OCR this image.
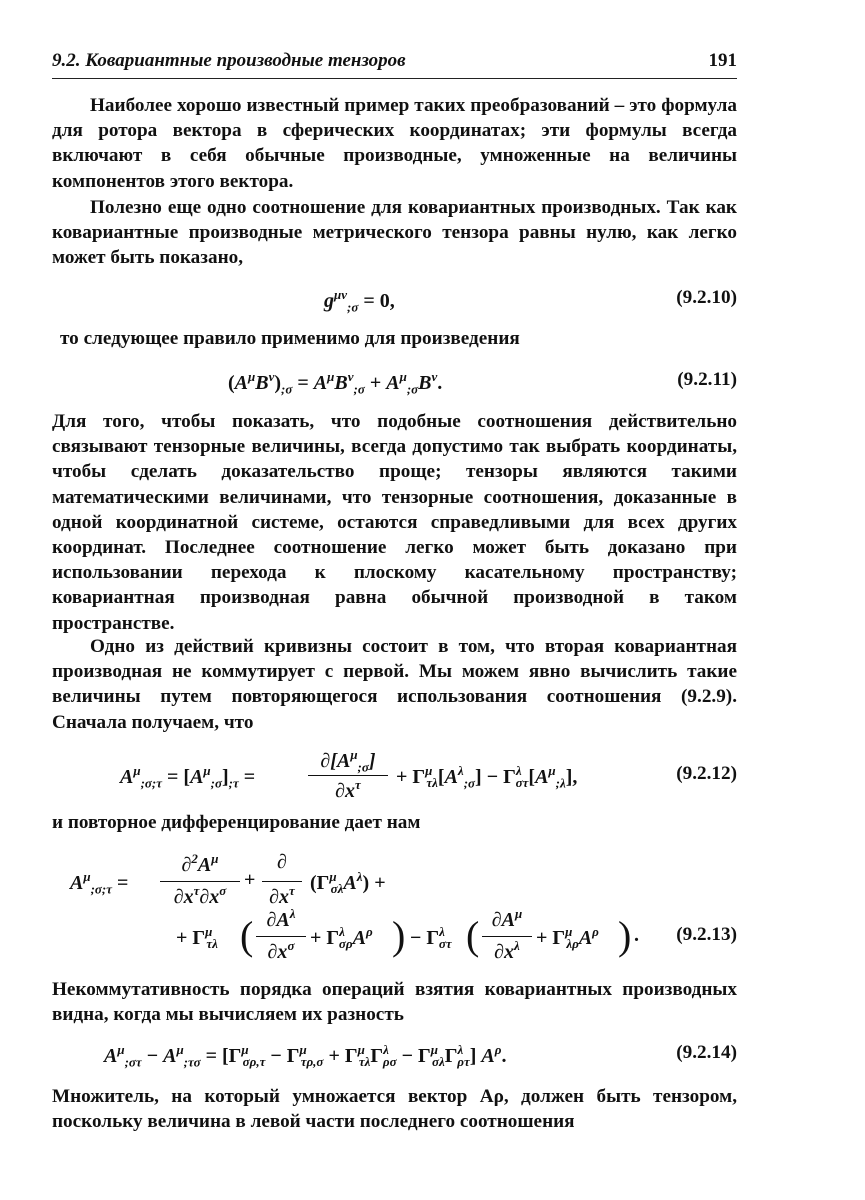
9.2. Ковариантные производные тензоров	191

Наиболее хорошо известный пример таких преобразований – это формула для ротора вектора в сферических координатах; эти формулы всегда включают в себя обычные производные, умноженные на величины компонентов этого вектора.

Полезно еще одно соотношение для ковариантных производных. Так как ковариантные производные метрического тензора равны нулю, как легко может быть показано,

$g^{\mu\nu}_{;\sigma} = 0$,	(9.2.10)

то следующее правило применимо для произведения

$(A^\mu B^\nu)_{;\sigma} = A^\mu B^\nu_{;\sigma} + A^\mu_{;\sigma}B^\nu$.	(9.2.11)

Для того, чтобы показать, что подобные соотношения действительно связывают тензорные величины, всегда допустимо так выбрать координаты, чтобы сделать доказательство проще; тензоры являются такими математическими величинами, что тензорные соотношения, доказанные в одной координатной системе, остаются справедливыми для всех других координат. Последнее соотношение легко может быть доказано при использовании перехода к плоскому касательному пространству; ковариантная производная равна обычной производной в таком пространстве.

Одно из действий кривизны состоит в том, что вторая ковариантная производная не коммутирует с первой. Мы можем явно вычислить такие величины путем повторяющегося использования соотношения (9.2.9). Сначала получаем, что

$A^\mu_{;\sigma;\tau} = [A^\mu_{;\sigma}]_{;\tau}$ =
$\partial[A^\mu_{;\sigma}]$
$\partial x^\tau$	+ $\Gamma^\mu_{\tau\lambda}[A^\lambda_{;\sigma}] - \Gamma^\lambda_{\sigma\tau}[A^\mu_{;\lambda}]$,	(9.2.12)

и повторное дифференцирование дает нам

$A^\mu_{;\sigma;\tau}$ =
$\partial^2A^\mu$
$\partial x^\tau\partial x^\sigma$ +
∂
$\partial x^\tau$ $(\Gamma^\mu_{\sigma\lambda}A^\lambda)$ +
+ $\Gamma^\mu_{\tau\lambda}$ ( $\partial A^\lambda$
$\partial x^\sigma + \Gamma^\lambda_{\sigma\rho}A^\rho$ ) − $\Gamma^\lambda_{\sigma\tau}$ ( $\partial A^\mu$
$\partial x^\lambda + \Gamma^\mu_{\lambda\rho}A^\rho$ ) . (9.2.13)

Некоммутативность порядка операций взятия ковариантных производных видна, когда мы вычисляем их разность

$A^\mu_{;\sigma\tau} - A^\mu_{;\tau\sigma} = [\Gamma^\mu_{\sigma\rho,\tau} - \Gamma^\mu_{\tau\rho,\sigma} + \Gamma^\mu_{\tau\lambda}\Gamma^\lambda_{\rho\sigma} - \Gamma^\mu_{\sigma\lambda}\Gamma^\lambda_{\rho\tau}]$ $A^\rho$.	(9.2.14)

Множитель, на который умножается вектор Aρ, должен быть тензором, поскольку величина в левой части последнего соотношения
